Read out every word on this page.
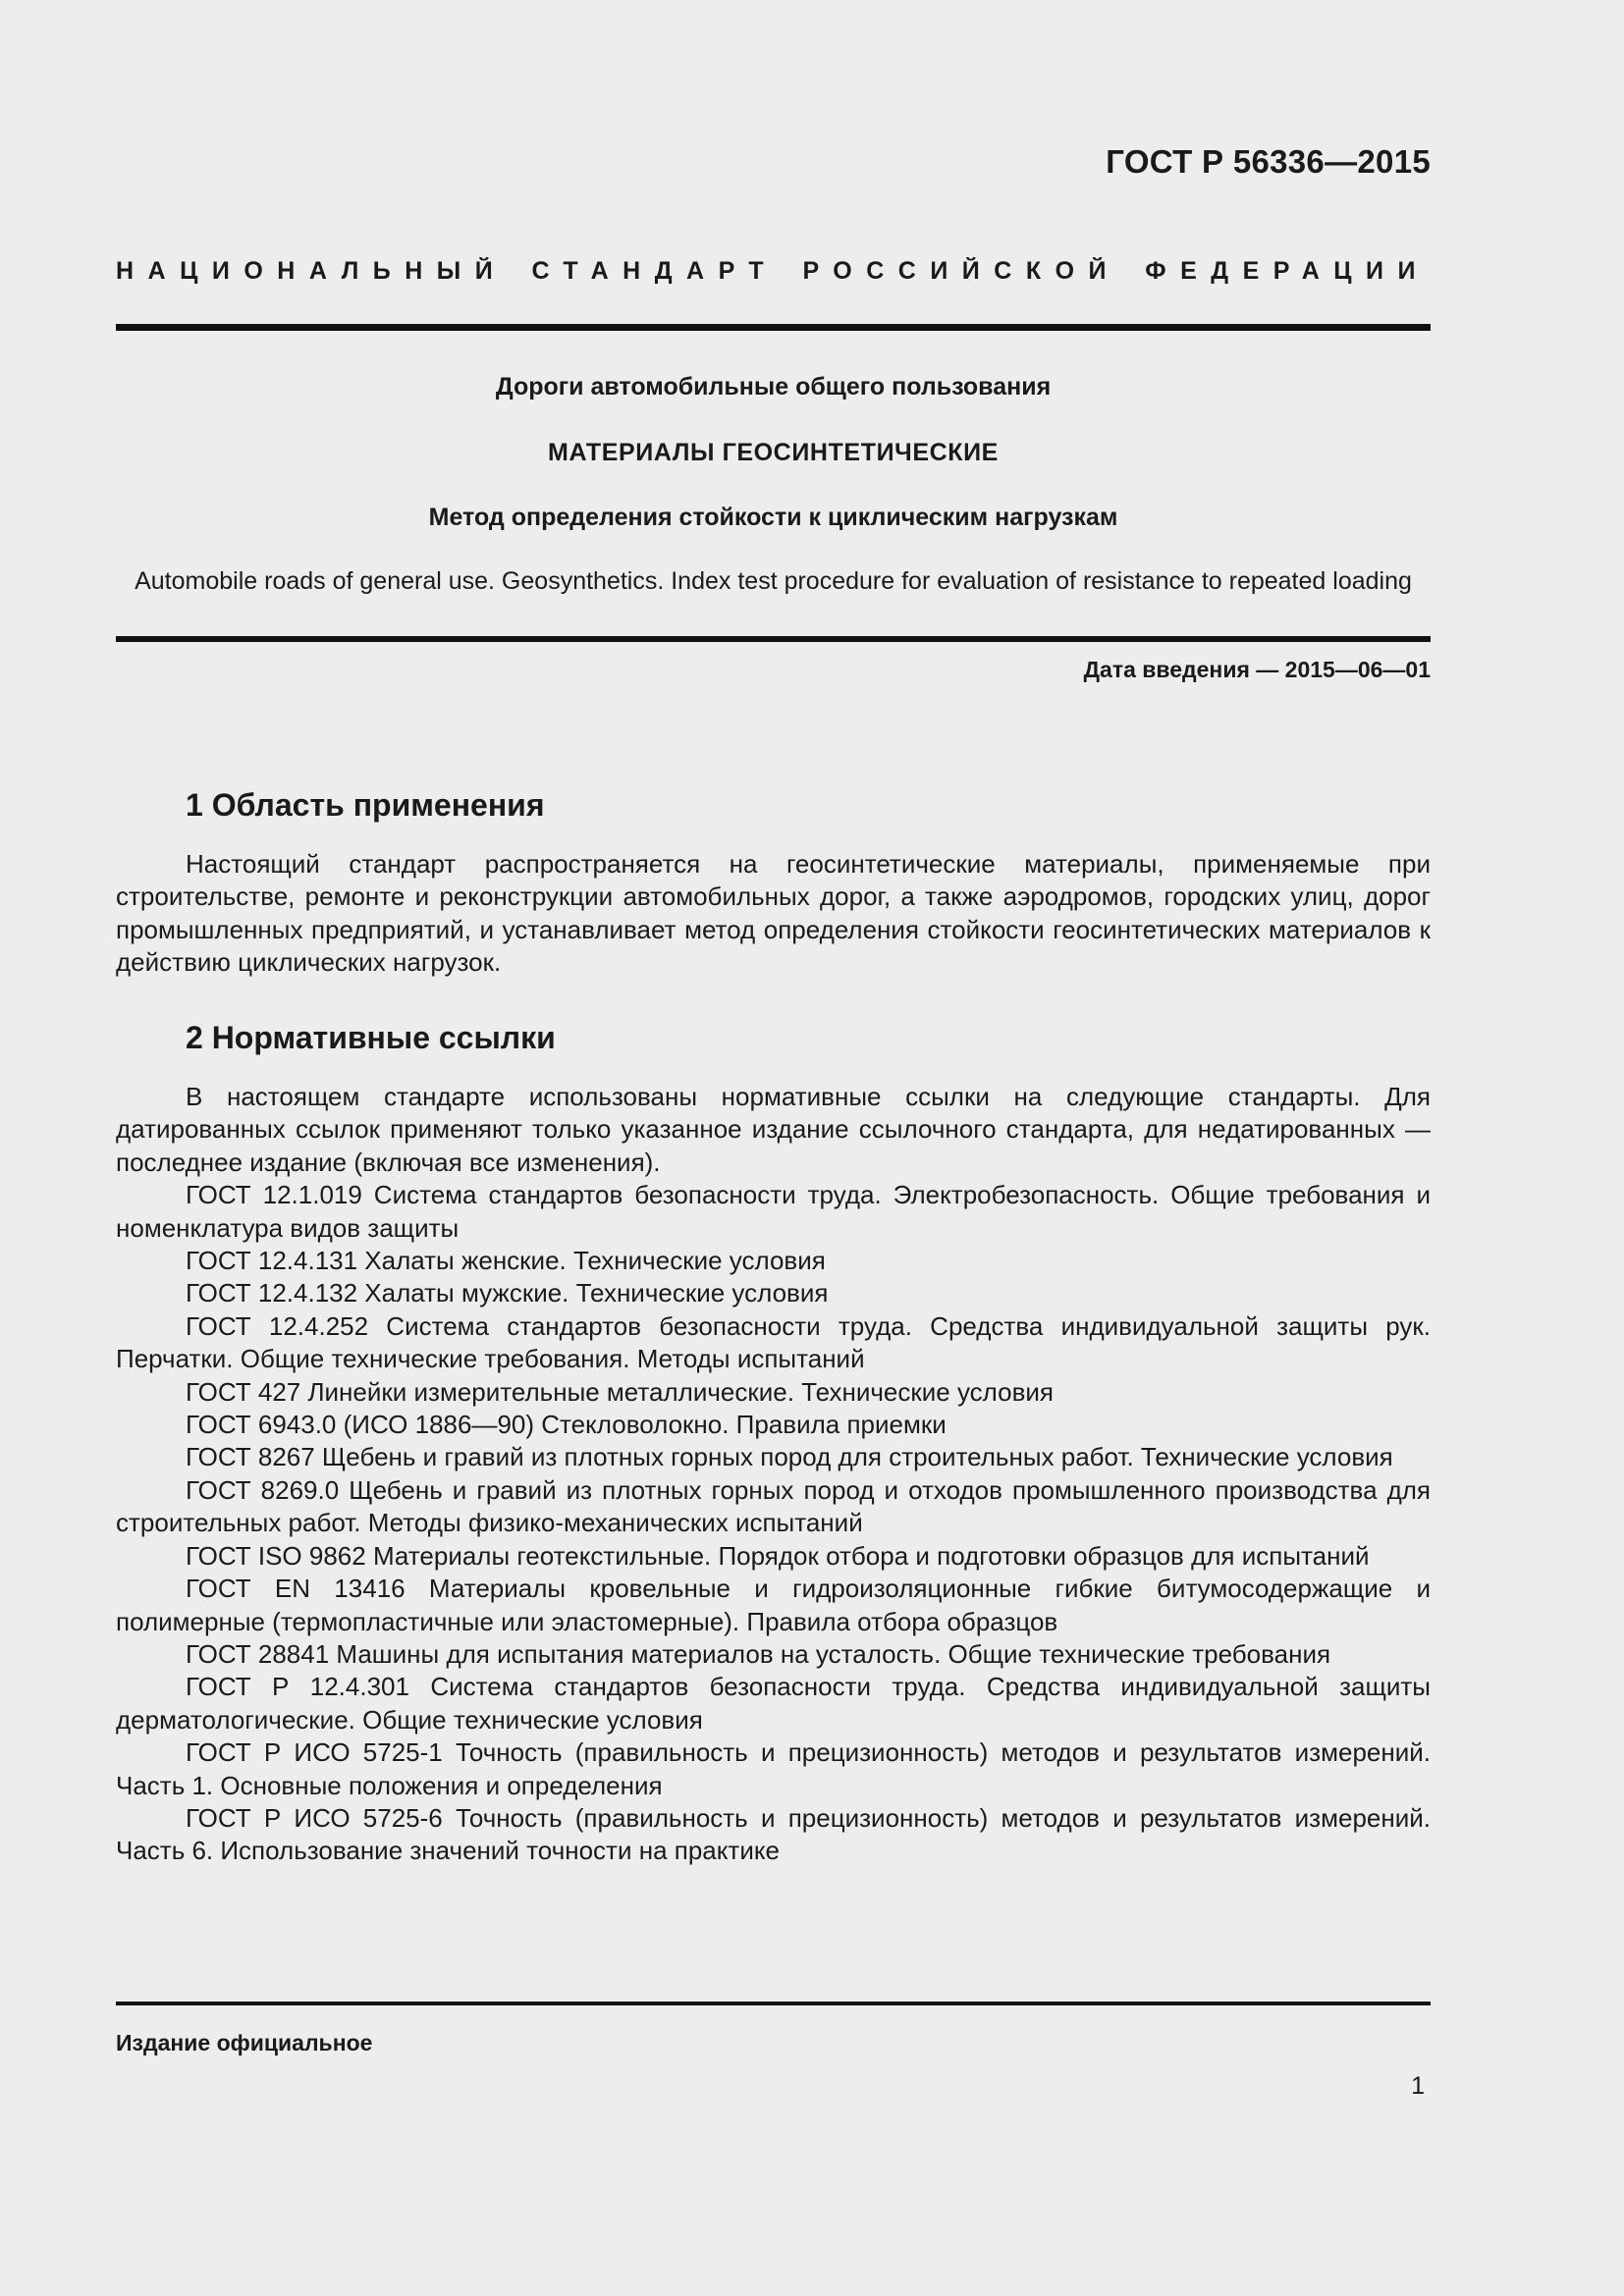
ГОСТ Р 56336—2015
НАЦИОНАЛЬНЫЙ СТАНДАРТ РОССИЙСКОЙ ФЕДЕРАЦИИ
Дороги автомобильные общего пользования
МАТЕРИАЛЫ ГЕОСИНТЕТИЧЕСКИЕ
Метод определения стойкости к циклическим нагрузкам
Automobile roads of general use. Geosynthetics. Index test procedure for evaluation of resistance to repeated loading
Дата введения — 2015—06—01
1 Область применения

Настоящий стандарт распространяется на геосинтетические материалы, применяемые при строительстве, ремонте и реконструкции автомобильных дорог, а также аэродромов, городских улиц, дорог промышленных предприятий, и устанавливает метод определения стойкости геосинтетических материалов к действию циклических нагрузок.

2 Нормативные ссылки

В настоящем стандарте использованы нормативные ссылки на следующие стандарты. Для датированных ссылок применяют только указанное издание ссылочного стандарта, для недатированных — последнее издание (включая все изменения).

ГОСТ 12.1.019 Система стандартов безопасности труда. Электробезопасность. Общие требования и номенклатура видов защиты

ГОСТ 12.4.131 Халаты женские. Технические условия

ГОСТ 12.4.132 Халаты мужские. Технические условия

ГОСТ 12.4.252 Система стандартов безопасности труда. Средства индивидуальной защиты рук. Перчатки. Общие технические требования. Методы испытаний

ГОСТ 427 Линейки измерительные металлические. Технические условия

ГОСТ 6943.0 (ИСО 1886—90) Стекловолокно. Правила приемки

ГОСТ 8267 Щебень и гравий из плотных горных пород для строительных работ. Технические условия

ГОСТ 8269.0 Щебень и гравий из плотных горных пород и отходов промышленного производства для строительных работ. Методы физико-механических испытаний

ГОСТ ISO 9862 Материалы геотекстильные. Порядок отбора и подготовки образцов для испытаний

ГОСТ EN 13416 Материалы кровельные и гидроизоляционные гибкие битумосодержащие и полимерные (термопластичные или эластомерные). Правила отбора образцов

ГОСТ 28841 Машины для испытания материалов на усталость. Общие технические требования

ГОСТ Р 12.4.301 Система стандартов безопасности труда. Средства индивидуальной защиты дерматологические. Общие технические условия

ГОСТ Р ИСО 5725-1 Точность (правильность и прецизионность) методов и результатов измерений. Часть 1. Основные положения и определения

ГОСТ Р ИСО 5725-6 Точность (правильность и прецизионность) методов и результатов измерений. Часть 6. Использование значений точности на практике

Издание официальное
1
